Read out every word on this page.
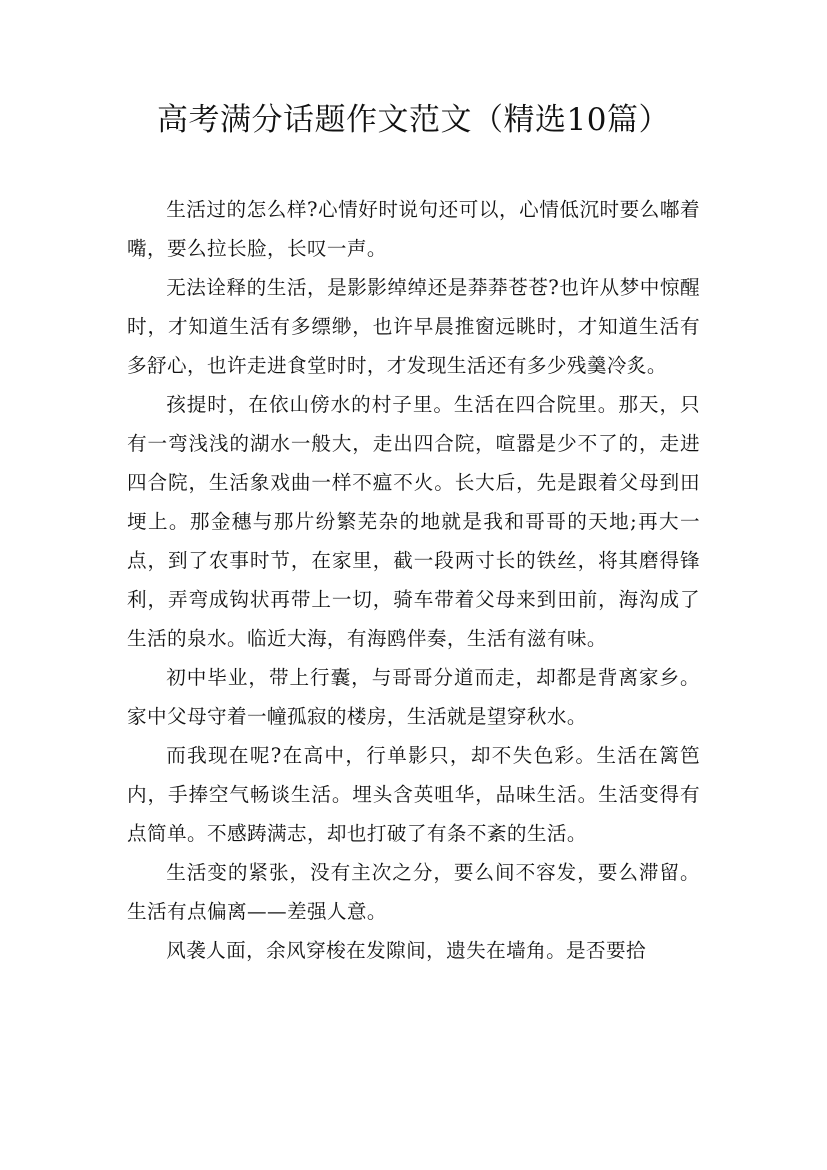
高考满分话题作文范文（精选10篇）

生活过的怎么样?心情好时说句还可以，心情低沉时要么嘟着嘴，要么拉长脸，长叹一声。

无法诠释的生活，是影影绰绰还是莽莽苍苍?也许从梦中惊醒时，才知道生活有多缥缈，也许早晨推窗远眺时，才知道生活有多舒心，也许走进食堂时时，才发现生活还有多少残羹冷炙。

孩提时，在依山傍水的村子里。生活在四合院里。那天，只有一弯浅浅的湖水一般大，走出四合院，喧嚣是少不了的，走进四合院，生活象戏曲一样不瘟不火。长大后，先是跟着父母到田埂上。那金穗与那片纷繁芜杂的地就是我和哥哥的天地;再大一点，到了农事时节，在家里，截一段两寸长的铁丝，将其磨得锋利，弄弯成钩状再带上一切，骑车带着父母来到田前，海沟成了生活的泉水。临近大海，有海鸥伴奏，生活有滋有味。

初中毕业，带上行囊，与哥哥分道而走，却都是背离家乡。家中父母守着一幢孤寂的楼房，生活就是望穿秋水。

而我现在呢?在高中，行单影只，却不失色彩。生活在篱笆内，手捧空气畅谈生活。埋头含英咀华，品味生活。生活变得有点简单。不感踌满志，却也打破了有条不紊的生活。

生活变的紧张，没有主次之分，要么间不容发，要么滞留。生活有点偏离——差强人意。

风袭人面，余风穿梭在发隙间，遗失在墙角。是否要拾
